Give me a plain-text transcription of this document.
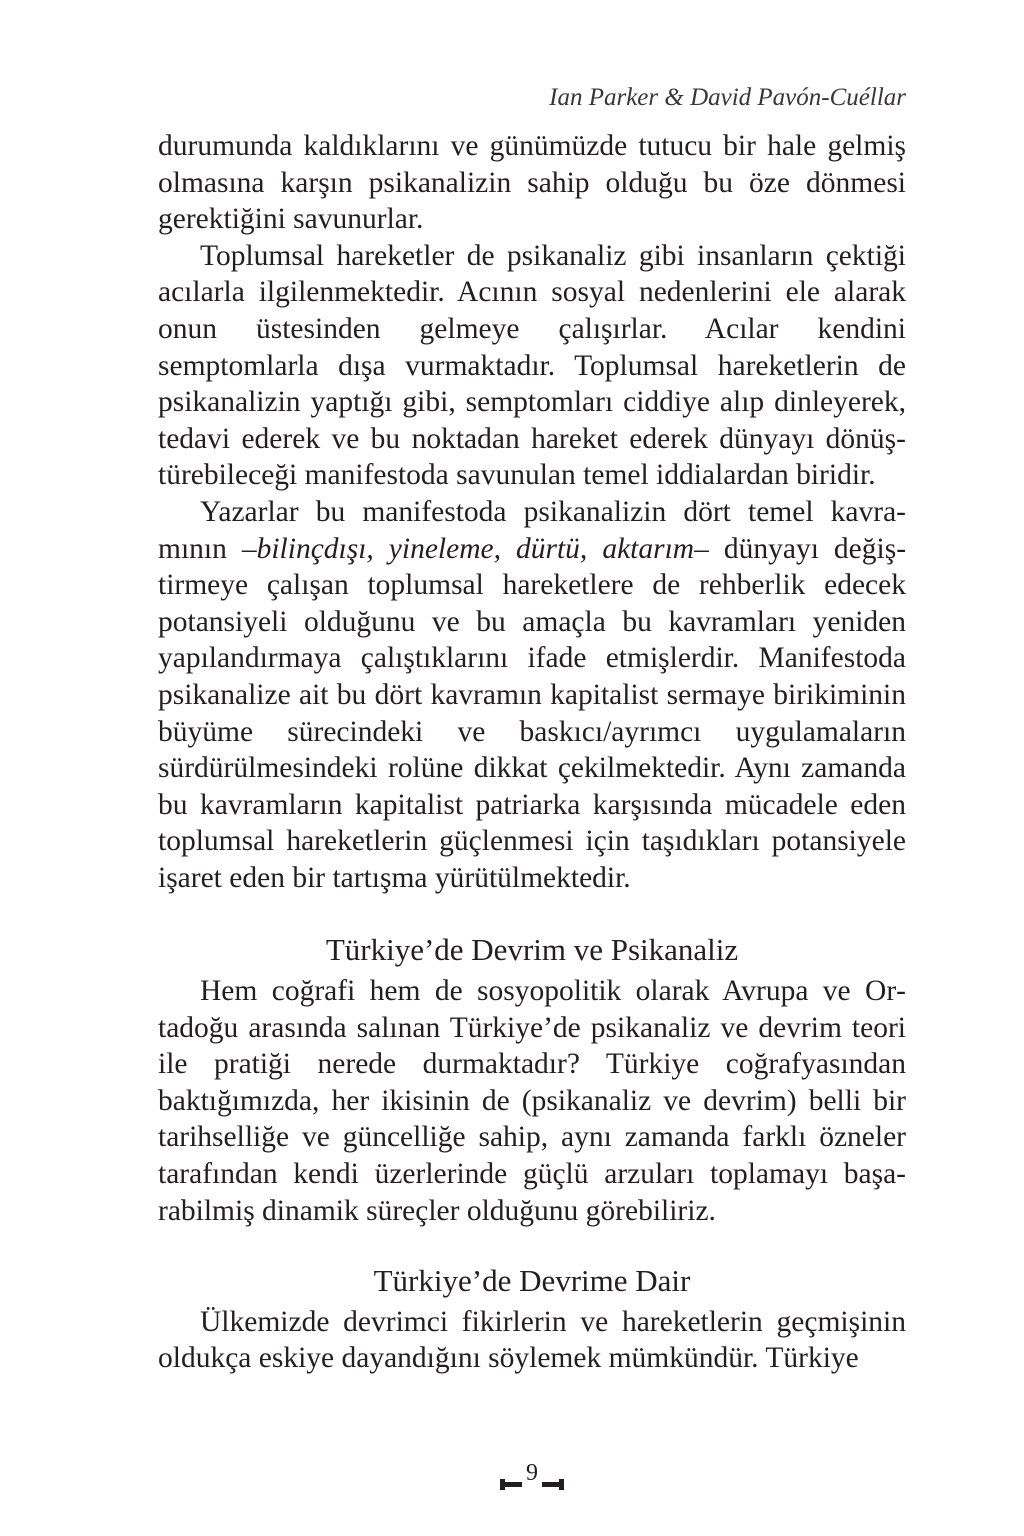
Ian Parker & David Pavón-Cuéllar

durumunda kaldıklarını ve günümüzde tutucu bir hale gelmiş olmasına karşın psikanalizin sahip olduğu bu öze dönmesi gerektiğini savunurlar.

Toplumsal hareketler de psikanaliz gibi insanların çektiği acılarla ilgilenmektedir. Acının sosyal nedenlerini ele alarak onun üstesinden gelmeye çalışırlar. Acılar kendini semptomlarla dışa vurmaktadır. Toplumsal hareketlerin de psikanalizin yaptığı gibi, semptomları ciddiye alıp dinleyerek, tedavi ederek ve bu noktadan hareket ederek dünyayı dönüştürebileceği manifestoda savunulan temel iddialardan biridir.

Yazarlar bu manifestoda psikanalizin dört temel kavramının –bilinçdışı, yineleme, dürtü, aktarım– dünyayı değiştirmeye çalışan toplumsal hareketlere de rehberlik edecek potansiyeli olduğunu ve bu amaçla bu kavramları yeniden yapılandırmaya çalıştıklarını ifade etmişlerdir. Manifestoda psikanalize ait bu dört kavramın kapitalist sermaye birikiminin büyüme sürecindeki ve baskıcı/ayrımcı uygulamaların sürdürülmesindeki rolüne dikkat çekilmektedir. Aynı zamanda bu kavramların kapitalist patriarka karşısında mücadele eden toplumsal hareketlerin güçlenmesi için taşıdıkları potansiyele işaret eden bir tartışma yürütülmektedir.

Türkiye’de Devrim ve Psikanaliz

Hem coğrafi hem de sosyopolitik olarak Avrupa ve Ortadoğu arasında salınan Türkiye’de psikanaliz ve devrim teori ile pratiği nerede durmaktadır? Türkiye coğrafyasından baktığımızda, her ikisinin de (psikanaliz ve devrim) belli bir tarihselliğe ve güncelliğe sahip, aynı zamanda farklı özneler tarafından kendi üzerlerinde güçlü arzuları toplamayı başarabilmiş dinamik süreçler olduğunu görebiliriz.

Türkiye’de Devrime Dair

Ülkemizde devrimci fikirlerin ve hareketlerin geçmişinin oldukça eskiye dayandığını söylemek mümkündür. Türkiye

9
